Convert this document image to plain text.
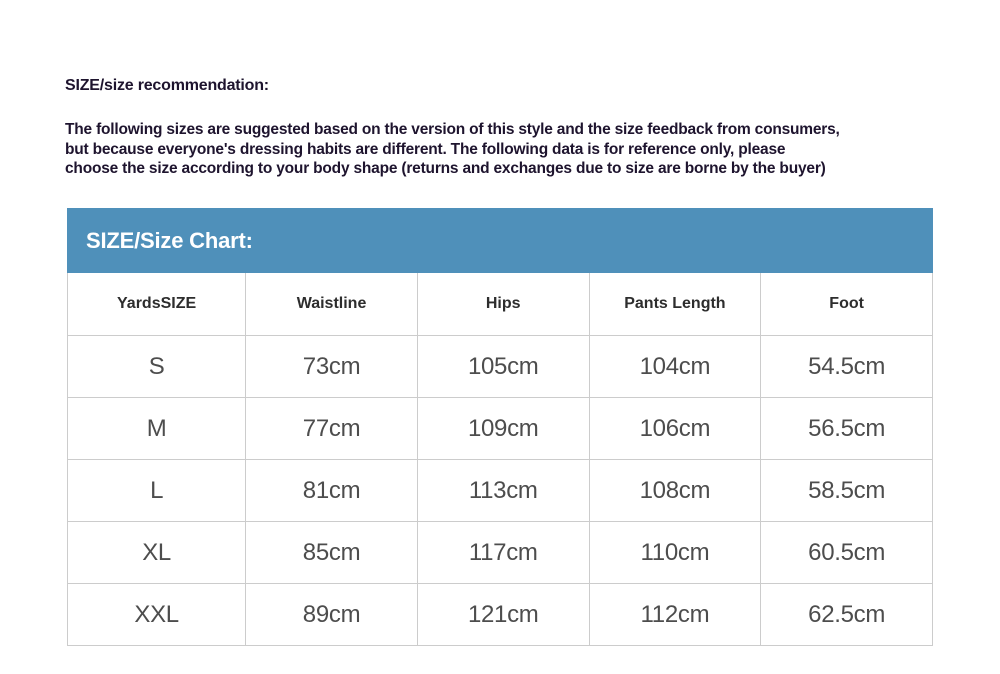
SIZE/size recommendation:
The following sizes are suggested based on the version of this style and the size feedback from consumers,
but because everyone's dressing habits are different. The following data is for reference only, please
choose the size according to your body shape (returns and exchanges due to size are borne by the buyer)
SIZE/Size Chart:
YardsSIZE	Waistline	Hips	Pants Length	Foot
S	73cm	105cm	104cm	54.5cm
M	77cm	109cm	106cm	56.5cm
L	81cm	113cm	108cm	58.5cm
XL	85cm	117cm	110cm	60.5cm
XXL	89cm	121cm	112cm	62.5cm
